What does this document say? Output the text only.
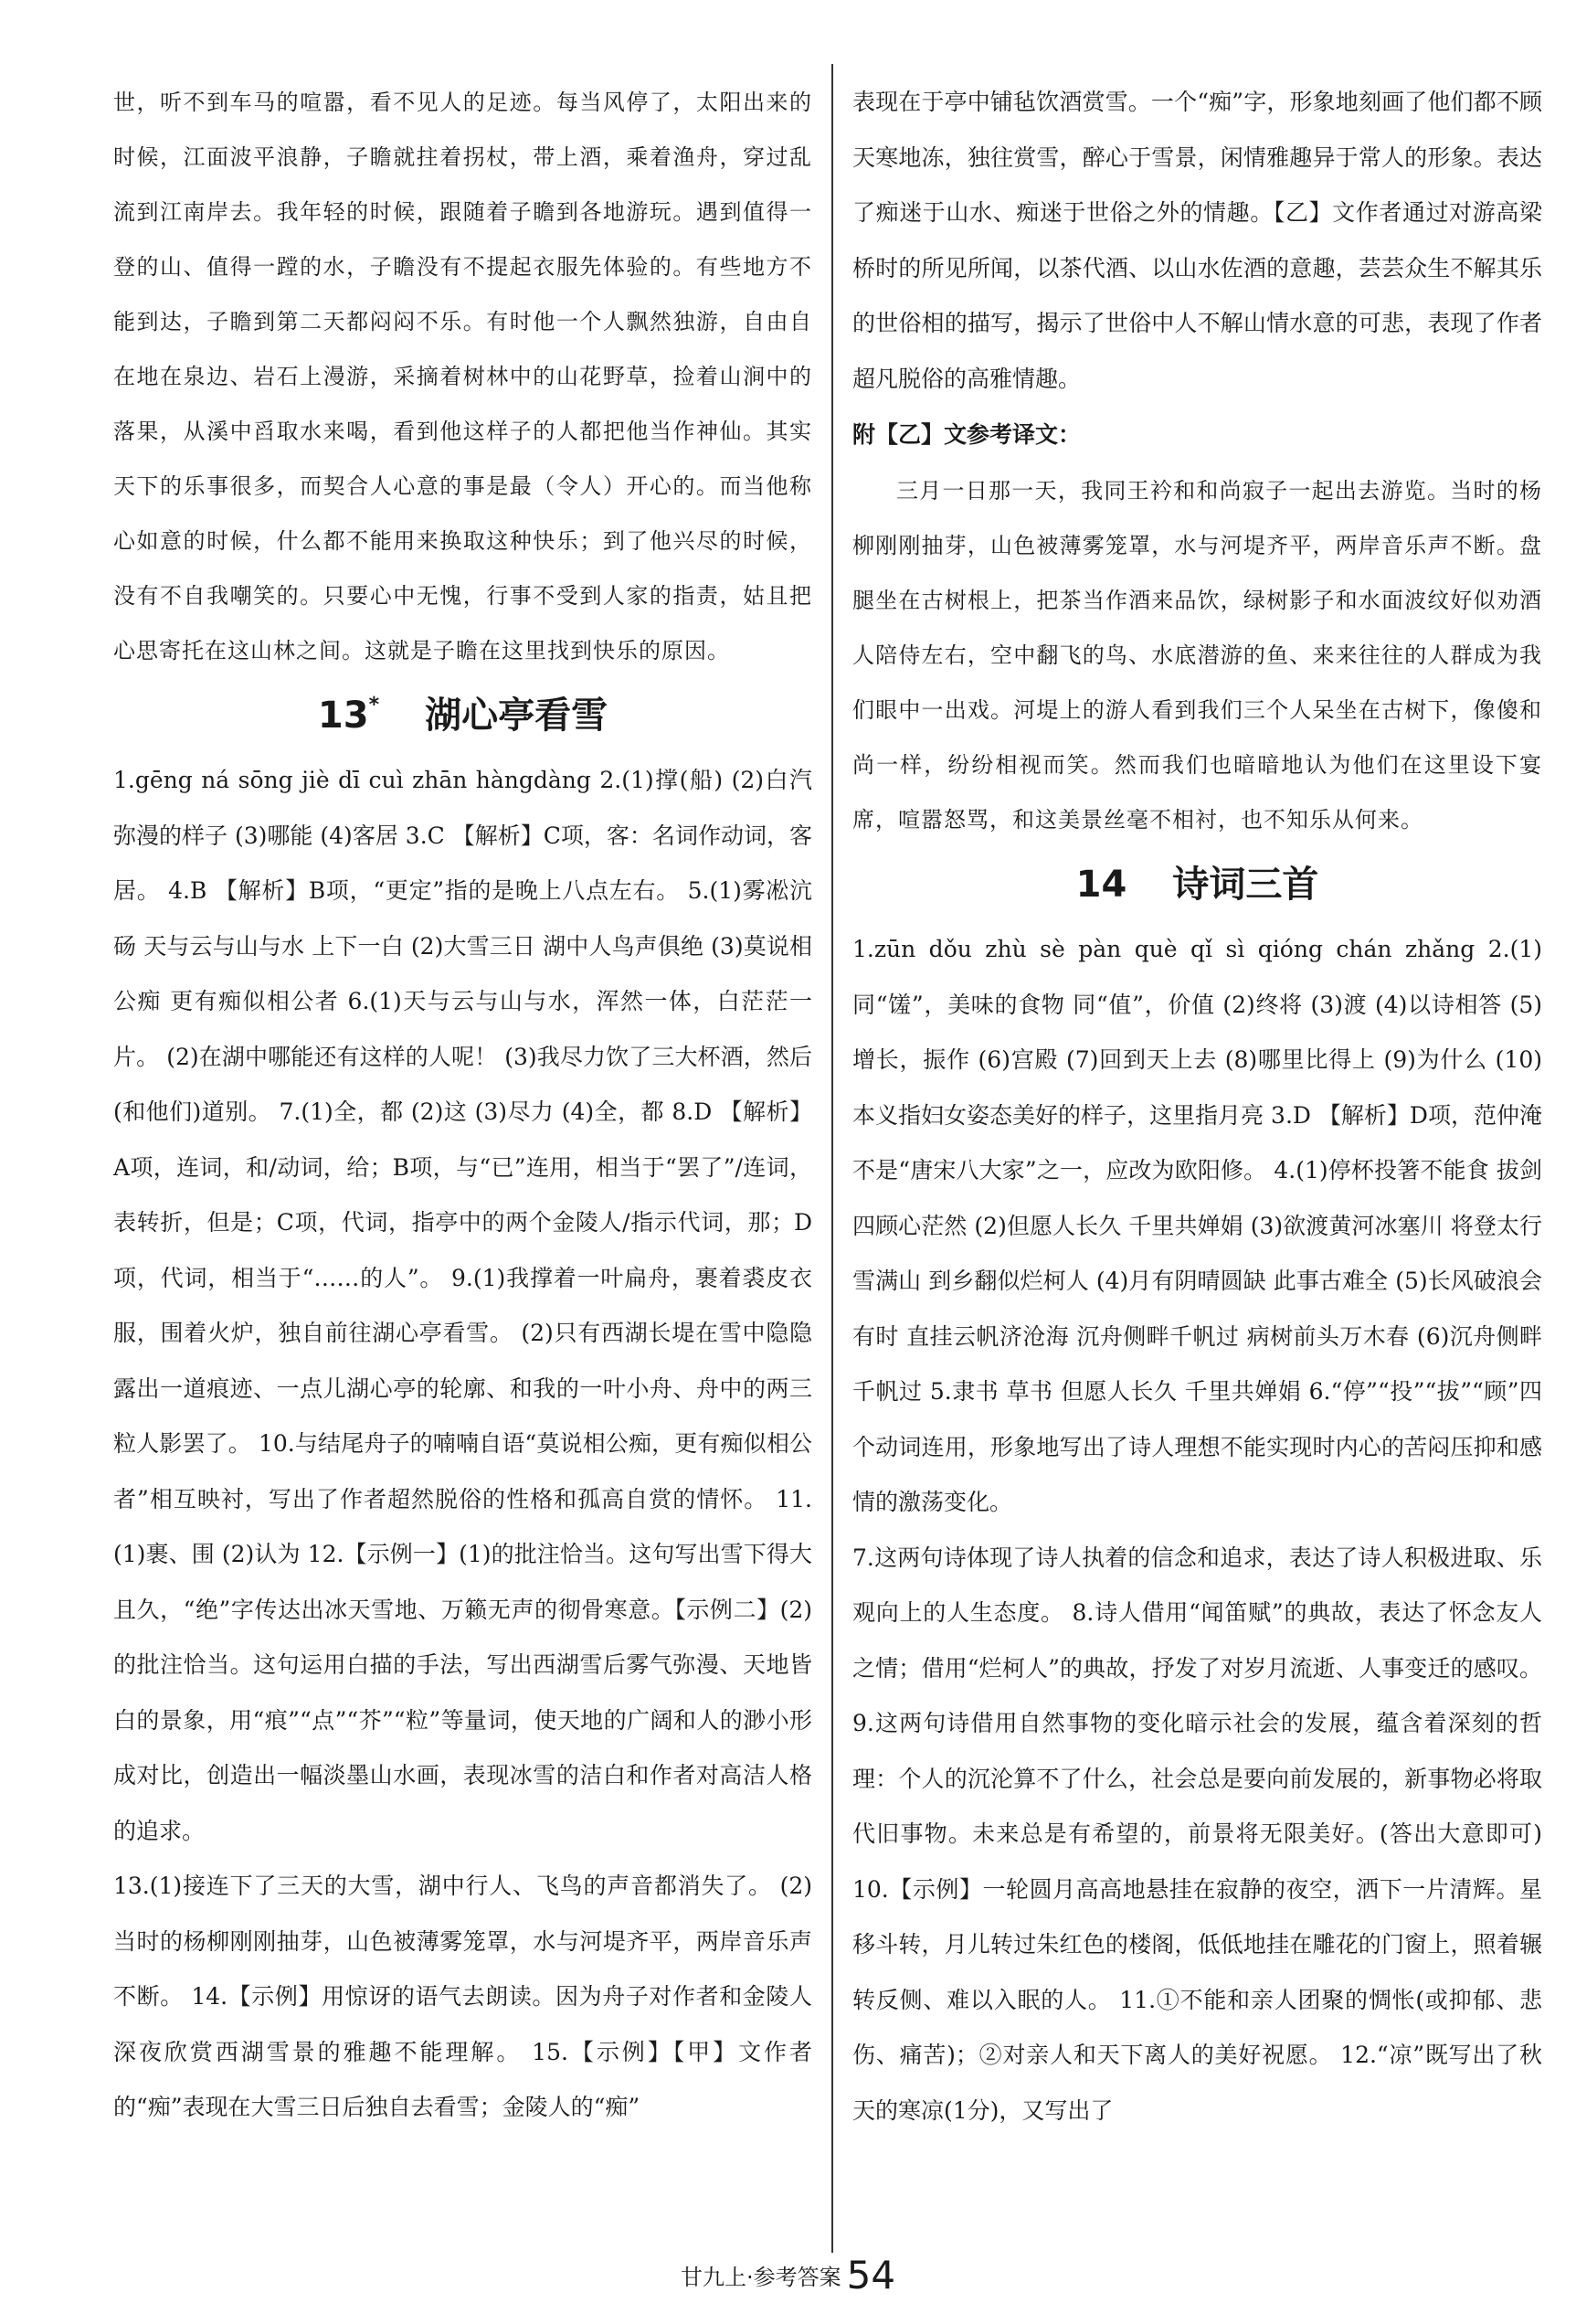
世，听不到车马的喧嚣，看不见人的足迹。每当风停了，太阳出来的时候，江面波平浪静，子瞻就拄着拐杖，带上酒，乘着渔舟，穿过乱流到江南岸去。我年轻的时候，跟随着子瞻到各地游玩。遇到值得一登的山、值得一蹚的水，子瞻没有不提起衣服先体验的。有些地方不能到达，子瞻到第二天都闷闷不乐。有时他一个人飘然独游，自由自在地在泉边、岩石上漫游，采摘着树林中的山花野草，捡着山涧中的落果，从溪中舀取水来喝，看到他这样子的人都把他当作神仙。其实天下的乐事很多，而契合人心意的事是最（令人）开心的。而当他称心如意的时候，什么都不能用来换取这种快乐；到了他兴尽的时候，没有不自我嘲笑的。只要心中无愧，行事不受到人家的指责，姑且把心思寄托在这山林之间。这就是子瞻在这里找到快乐的原因。

13* 湖心亭看雪

1.gēng ná sōng jiè dī cuì zhān hàngdàng 2.(1)撑(船) (2)白汽弥漫的样子 (3)哪能 (4)客居 3.C 【解析】C项，客：名词作动词，客居。 4.B 【解析】B项，“更定”指的是晚上八点左右。 5.(1)雾凇沆砀 天与云与山与水 上下一白 (2)大雪三日 湖中人鸟声俱绝 (3)莫说相公痴 更有痴似相公者 6.(1)天与云与山与水，浑然一体，白茫茫一片。 (2)在湖中哪能还有这样的人呢！ (3)我尽力饮了三大杯酒，然后(和他们)道别。 7.(1)全，都 (2)这 (3)尽力 (4)全，都 8.D 【解析】A项，连词，和/动词，给；B项，与“已”连用，相当于“罢了”/连词，表转折，但是；C项，代词，指亭中的两个金陵人/指示代词，那；D项，代词，相当于“……的人”。 9.(1)我撑着一叶扁舟，裹着裘皮衣服，围着火炉，独自前往湖心亭看雪。 (2)只有西湖长堤在雪中隐隐露出一道痕迹、一点儿湖心亭的轮廓、和我的一叶小舟、舟中的两三粒人影罢了。 10.与结尾舟子的喃喃自语“莫说相公痴，更有痴似相公者”相互映衬，写出了作者超然脱俗的性格和孤高自赏的情怀。 11.(1)裹、围 (2)认为 12.【示例一】(1)的批注恰当。这句写出雪下得大且久，“绝”字传达出冰天雪地、万籁无声的彻骨寒意。【示例二】(2)的批注恰当。这句运用白描的手法，写出西湖雪后雾气弥漫、天地皆白的景象，用“痕”“点”“芥”“粒”等量词，使天地的广阔和人的渺小形成对比，创造出一幅淡墨山水画，表现冰雪的洁白和作者对高洁人格的追求。

13.(1)接连下了三天的大雪，湖中行人、飞鸟的声音都消失了。 (2)当时的杨柳刚刚抽芽，山色被薄雾笼罩，水与河堤齐平，两岸音乐声不断。 14.【示例】用惊讶的语气去朗读。因为舟子对作者和金陵人深夜欣赏西湖雪景的雅趣不能理解。 15.【示例】【甲】文作者的“痴”表现在大雪三日后独自去看雪；金陵人的“痴”

表现在于亭中铺毡饮酒赏雪。一个“痴”字，形象地刻画了他们都不顾天寒地冻，独往赏雪，醉心于雪景，闲情雅趣异于常人的形象。表达了痴迷于山水、痴迷于世俗之外的情趣。【乙】文作者通过对游高梁桥时的所见所闻，以茶代酒、以山水佐酒的意趣，芸芸众生不解其乐的世俗相的描写，揭示了世俗中人不解山情水意的可悲，表现了作者超凡脱俗的高雅情趣。

附【乙】文参考译文：

三月一日那一天，我同王衿和和尚寂子一起出去游览。当时的杨柳刚刚抽芽，山色被薄雾笼罩，水与河堤齐平，两岸音乐声不断。盘腿坐在古树根上，把茶当作酒来品饮，绿树影子和水面波纹好似劝酒人陪侍左右，空中翻飞的鸟、水底潜游的鱼、来来往往的人群成为我们眼中一出戏。河堤上的游人看到我们三个人呆坐在古树下，像傻和尚一样，纷纷相视而笑。然而我们也暗暗地认为他们在这里设下宴席，喧嚣怒骂，和这美景丝毫不相衬，也不知乐从何来。

14 诗词三首

1.zūn dǒu zhù sè pàn què qǐ sì qióng chán zhǎng 2.(1)同“馐”，美味的食物 同“值”，价值 (2)终将 (3)渡 (4)以诗相答 (5)增长，振作 (6)宫殿 (7)回到天上去 (8)哪里比得上 (9)为什么 (10)本义指妇女姿态美好的样子，这里指月亮 3.D 【解析】D项，范仲淹不是“唐宋八大家”之一，应改为欧阳修。 4.(1)停杯投箸不能食 拔剑四顾心茫然 (2)但愿人长久 千里共婵娟 (3)欲渡黄河冰塞川 将登太行雪满山 到乡翻似烂柯人 (4)月有阴晴圆缺 此事古难全 (5)长风破浪会有时 直挂云帆济沧海 沉舟侧畔千帆过 病树前头万木春 (6)沉舟侧畔千帆过 5.隶书 草书 但愿人长久 千里共婵娟 6.“停”“投”“拔”“顾”四个动词连用，形象地写出了诗人理想不能实现时内心的苦闷压抑和感情的激荡变化。

7.这两句诗体现了诗人执着的信念和追求，表达了诗人积极进取、乐观向上的人生态度。 8.诗人借用“闻笛赋”的典故，表达了怀念友人之情；借用“烂柯人”的典故，抒发了对岁月流逝、人事变迁的感叹。 9.这两句诗借用自然事物的变化暗示社会的发展，蕴含着深刻的哲理：个人的沉沦算不了什么，社会总是要向前发展的，新事物必将取代旧事物。未来总是有希望的，前景将无限美好。(答出大意即可) 10.【示例】一轮圆月高高地悬挂在寂静的夜空，洒下一片清辉。星移斗转，月儿转过朱红色的楼阁，低低地挂在雕花的门窗上，照着辗转反侧、难以入眠的人。 11.①不能和亲人团聚的惆怅(或抑郁、悲伤、痛苦)；②对亲人和天下离人的美好祝愿。 12.“凉”既写出了秋天的寒凉(1分)，又写出了

甘九上·参考答案 54
